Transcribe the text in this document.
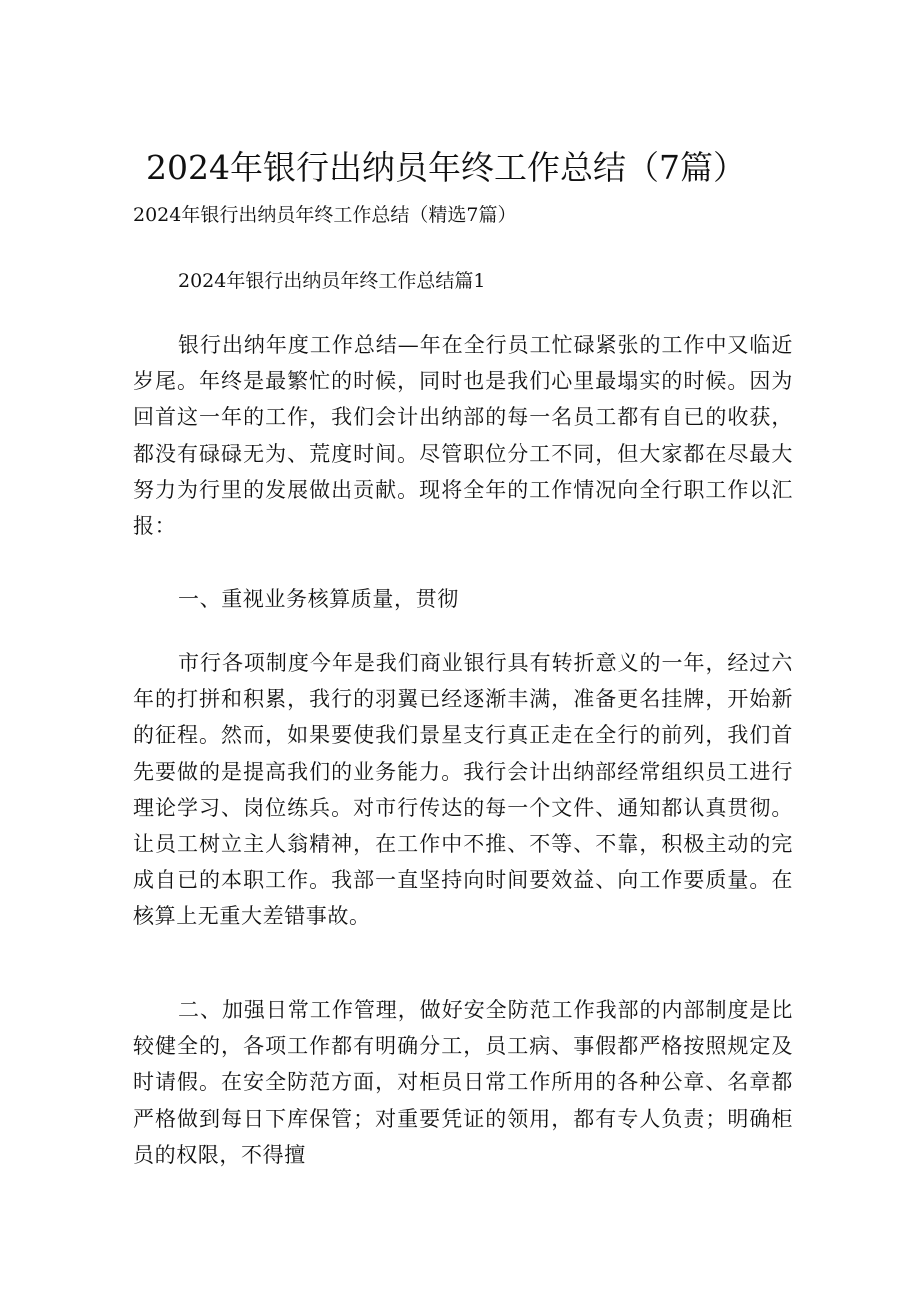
2024年银行出纳员年终工作总结（7篇）

2024年银行出纳员年终工作总结（精选7篇）

2024年银行出纳员年终工作总结篇1

银行出纳年度工作总结—年在全行员工忙碌紧张的工作中又临近岁尾。年终是最繁忙的时候，同时也是我们心里最塌实的时候。因为回首这一年的工作，我们会计出纳部的每一名员工都有自已的收获，都没有碌碌无为、荒度时间。尽管职位分工不同，但大家都在尽最大努力为行里的发展做出贡献。现将全年的工作情况向全行职工作以汇报：

一、重视业务核算质量，贯彻

市行各项制度今年是我们商业银行具有转折意义的一年，经过六年的打拼和积累，我行的羽翼已经逐渐丰满，准备更名挂牌，开始新的征程。然而，如果要使我们景星支行真正走在全行的前列，我们首先要做的是提高我们的业务能力。我行会计出纳部经常组织员工进行理论学习、岗位练兵。对市行传达的每一个文件、通知都认真贯彻。让员工树立主人翁精神，在工作中不推、不等、不靠，积极主动的完成自已的本职工作。我部一直坚持向时间要效益、向工作要质量。在核算上无重大差错事故。

二、加强日常工作管理，做好安全防范工作我部的内部制度是比较健全的，各项工作都有明确分工，员工病、事假都严格按照规定及时请假。在安全防范方面，对柜员日常工作所用的各种公章、名章都严格做到每日下库保管；对重要凭证的领用，都有专人负责；明确柜员的权限，不得擅
